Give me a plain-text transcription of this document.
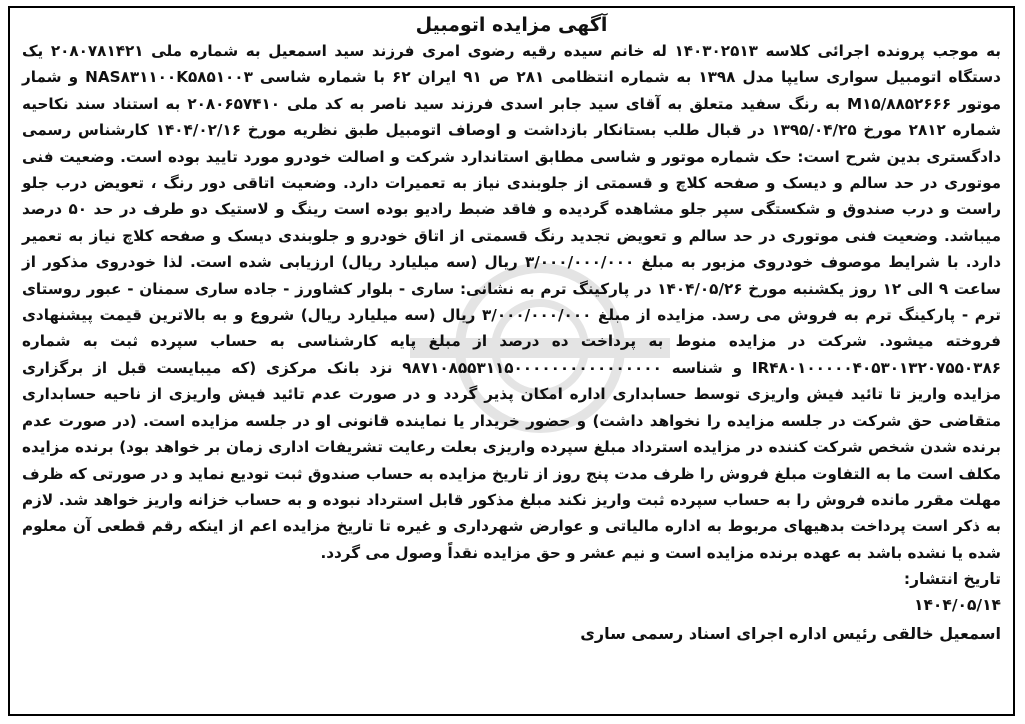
آگهی مزایده اتومبیل

به موجب پرونده اجرائی کلاسه ۱۴۰۳۰۲۵۱۳ له خانم سیده رقیه رضوی امری فرزند سید اسمعیل به شماره ملی ۲۰۸۰۷۸۱۴۲۱ یک دستگاه اتومبیل سواری سایپا مدل ۱۳۹۸ به شماره انتظامی ۲۸۱ ص ۹۱ ایران ۶۲ با شماره شاسی NAS۸۳۱۱۰۰K۵۸۵۱۰۰۳ و شمار موتور M۱۵/۸۸۵۲۶۶۶ به رنگ سفید متعلق به آقای سید جابر اسدی فرزند سید ناصر به کد ملی ۲۰۸۰۶۵۷۴۱۰ به استناد سند نکاحیه شماره ۲۸۱۲ مورخ ۱۳۹۵/۰۴/۲۵ در قبال طلب بستانکار بازداشت و اوصاف اتومبیل طبق نظریه مورخ ۱۴۰۴/۰۲/۱۶ کارشناس رسمی دادگستری بدین شرح است: حک شماره موتور و شاسی مطابق استاندارد شرکت و اصالت خودرو مورد تایید بوده است. وضعیت فنی موتوری در حد سالم و دیسک و صفحه کلاچ و قسمتی از جلوبندی نیاز به تعمیرات دارد. وضعیت اتاقی دور رنگ ، تعویض درب جلو راست و درب صندوق و شکستگی سپر جلو مشاهده گردیده و فاقد ضبط رادیو بوده است رینگ و لاستیک دو طرف در حد ۵۰ درصد میباشد. وضعیت فنی موتوری در حد سالم و تعویض تجدید رنگ قسمتی از اتاق خودرو و جلوبندی دیسک و صفحه کلاچ نیاز به تعمیر دارد. با شرایط موصوف خودروی مزبور به مبلغ ۳/۰۰۰/۰۰۰/۰۰۰ ریال (سه میلیارد ریال) ارزیابی شده است. لذا خودروی مذکور از ساعت ۹ الی ۱۲ روز یکشنبه مورخ ۱۴۰۴/۰۵/۲۶ در پارکینگ ترم به نشانی: ساری - بلوار کشاورز - جاده ساری سمنان - عبور روستای ترم - پارکینگ ترم به فروش می رسد. مزایده از مبلغ ۳/۰۰۰/۰۰۰/۰۰۰ ریال (سه میلیارد ریال) شروع و به بالاترین قیمت پیشنهادی فروخته میشود. شرکت در مزایده منوط به پرداخت ده درصد از مبلغ پایه کارشناسی به حساب سپرده ثبت به شماره IR۴۸۰۱۰۰۰۰۰۴۰۵۳۰۱۳۲۰۷۵۵۰۳۸۶ و شناسه ۹۸۷۱۰۸۵۵۳۱۱۵۰۰۰۰۰۰۰۰۰۰۰۰۰۰۰۰ نزد بانک مرکزی (که میبایست قبل از برگزاری مزایده واریز تا تائید فیش واریزی توسط حسابداری اداره امکان پذیر گردد و در صورت عدم تائید فیش واریزی از ناحیه حسابداری متقاضی حق شرکت در جلسه مزایده را نخواهد داشت) و حضور خریدار یا نماینده قانونی او در جلسه مزایده است. (در صورت عدم برنده شدن شخص شرکت کننده در مزایده استرداد مبلغ سپرده واریزی بعلت رعایت تشریفات اداری زمان بر خواهد بود) برنده مزایده مکلف است ما به التفاوت مبلغ فروش را ظرف مدت پنج روز از تاریخ مزایده به حساب صندوق ثبت تودیع نماید و در صورتی که ظرف مهلت مقرر مانده فروش را به حساب سپرده ثبت واریز نکند مبلغ مذکور قابل استرداد نبوده و به حساب خزانه واریز خواهد شد. لازم به ذکر است پرداخت بدهیهای مربوط به اداره مالیاتی و عوارض شهرداری و غیره تا تاریخ مزایده اعم از اینکه رقم قطعی آن معلوم شده یا نشده باشد به عهده برنده مزایده است و نیم عشر و حق مزایده نقداً وصول می گردد.

تاریخ انتشار:
۱۴۰۴/۰۵/۱۴
اسمعیل خالقی رئیس اداره اجرای اسناد رسمی ساری
